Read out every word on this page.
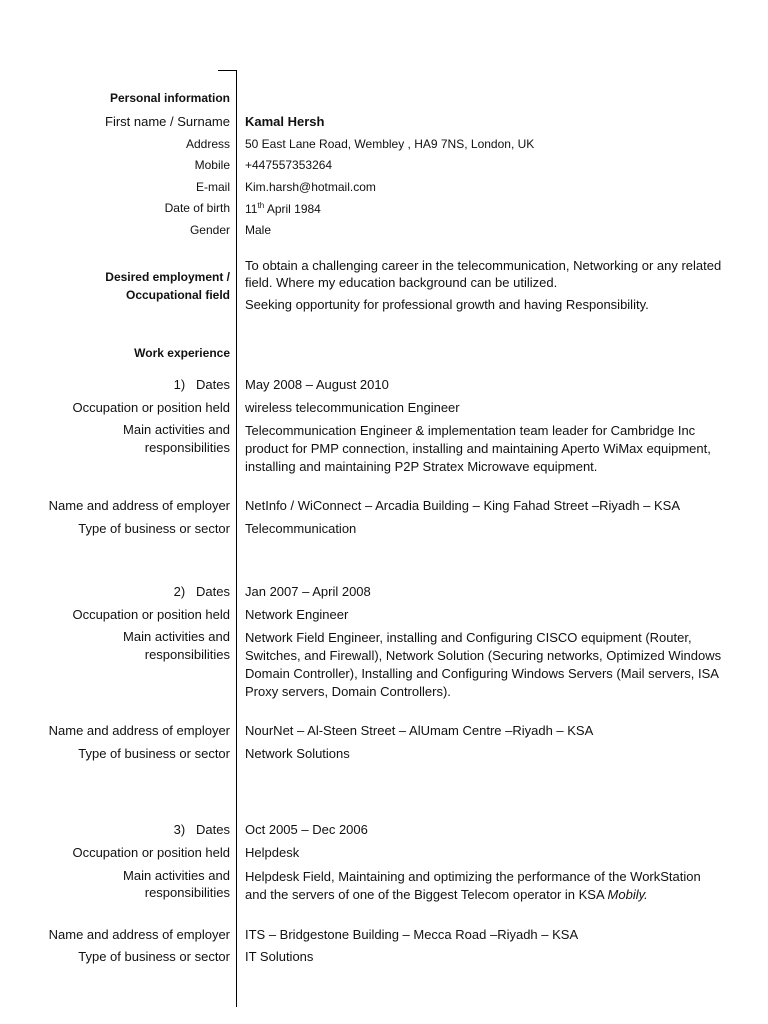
Personal information
First name / Surname Kamal Hersh
Address 50 East Lane Road, Wembley , HA9 7NS, London, UK
Mobile +447557353264
E-mail Kim.harsh@hotmail.com
Date of birth 11th April 1984
Gender Male
Desired employment /
Occupational field
To obtain a challenging career in the telecommunication, Networking or any related field. Where my education background can be utilized.
Seeking opportunity for professional growth and having Responsibility.
Work experience
1)   Dates May 2008 – August 2010
Occupation or position held wireless telecommunication Engineer
Main activities and
responsibilities
Telecommunication Engineer & implementation team leader for Cambridge Inc product for PMP connection, installing and maintaining Aperto WiMax equipment, installing and maintaining P2P Stratex Microwave equipment.
Name and address of employer NetInfo / WiConnect – Arcadia Building – King Fahad Street –Riyadh – KSA
Type of business or sector Telecommunication
2)   Dates Jan 2007 – April 2008
Occupation or position held Network Engineer
Main activities and
responsibilities
Network Field Engineer, installing and Configuring CISCO equipment (Router, Switches, and Firewall), Network Solution (Securing networks, Optimized Windows Domain Controller), Installing and Configuring Windows Servers (Mail servers, ISA Proxy servers, Domain Controllers).
Name and address of employer NourNet – Al-Steen Street – AlUmam Centre –Riyadh – KSA
Type of business or sector Network Solutions
3)   Dates Oct 2005 – Dec 2006
Occupation or position held Helpdesk
Main activities and
responsibilities
Helpdesk Field, Maintaining and optimizing the performance of the WorkStation and the servers of one of the Biggest Telecom operator in KSA Mobily.
Name and address of employer ITS – Bridgestone Building – Mecca Road –Riyadh – KSA
Type of business or sector IT Solutions
